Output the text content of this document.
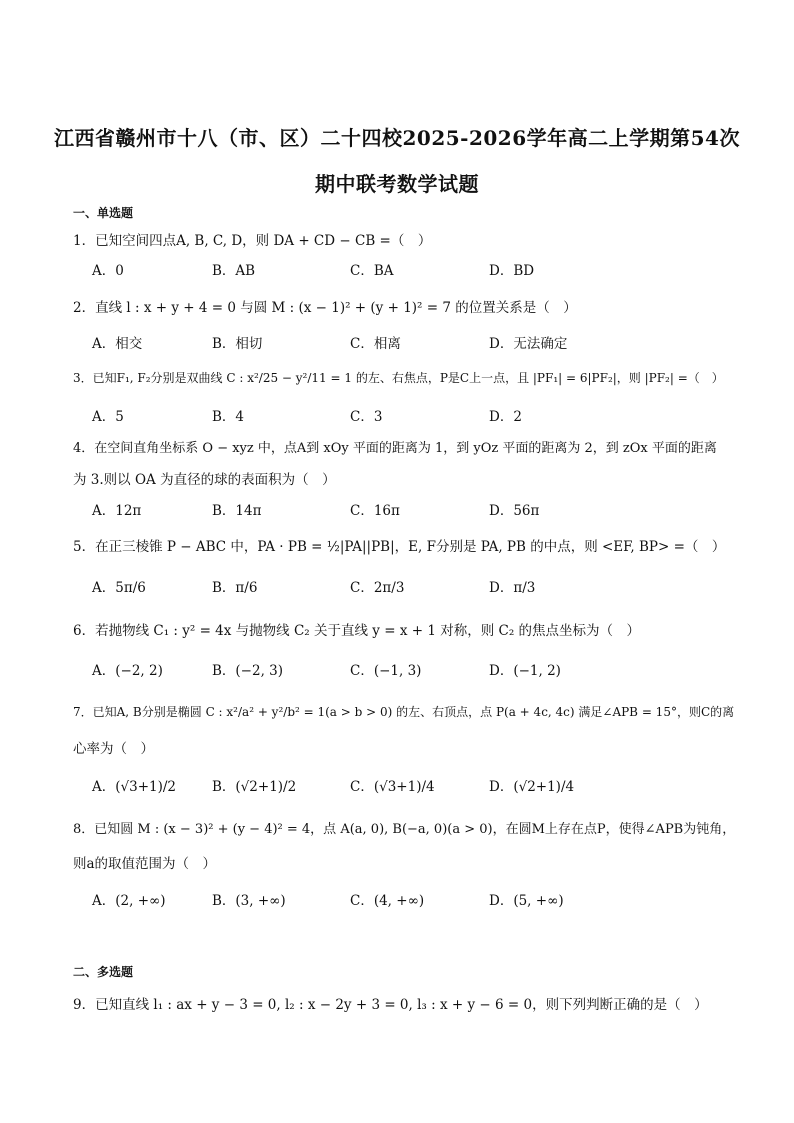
江西省赣州市十八（市、区）二十四校2025-2026学年高二上学期第54次
期中联考数学试题
一、单选题
1．已知空间四点A, B, C, D，则 DA + CD − CB =（　）
A．0	B．AB	C．BA	D．BD
2．直线 l : x + y + 4 = 0 与圆 M : (x − 1)² + (y + 1)² = 7 的位置关系是（　）
A．相交	B．相切	C．相离	D．无法确定
3．已知F₁, F₂分别是双曲线 C : x²/25 − y²/11 = 1 的左、右焦点，P是C上一点，且 |PF₁| = 6|PF₂|，则 |PF₂| =（　）
A．5	B．4	C．3	D．2
4．在空间直角坐标系 O − xyz 中，点A到 xOy 平面的距离为 1，到 yOz 平面的距离为 2，到 zOx 平面的距离
为 3.则以 OA 为直径的球的表面积为（　）
A．12π	B．14π	C．16π	D．56π
5．在正三棱锥 P − ABC 中，PA · PB = ½|PA||PB|，E, F分别是 PA, PB 的中点，则 <EF, BP> =（　）
A．5π/6	B．π/6	C．2π/3	D．π/3
6．若抛物线 C₁ : y² = 4x 与抛物线 C₂ 关于直线 y = x + 1 对称，则 C₂ 的焦点坐标为（　）
A．(−2, 2)	B．(−2, 3)	C．(−1, 3)	D．(−1, 2)
7．已知A, B分别是椭圆 C : x²/a² + y²/b² = 1(a > b > 0) 的左、右顶点，点 P(a + 4c, 4c) 满足∠APB = 15°，则C的离
心率为（　）
A．(√3+1)/2	B．(√2+1)/2	C．(√3+1)/4	D．(√2+1)/4
8．已知圆 M : (x − 3)² + (y − 4)² = 4，点 A(a, 0), B(−a, 0)(a > 0)，在圆M上存在点P，使得∠APB为钝角，
则a的取值范围为（　）
A．(2, +∞)	B．(3, +∞)	C．(4, +∞)	D．(5, +∞)
二、多选题
9．已知直线 l₁ : ax + y − 3 = 0, l₂ : x − 2y + 3 = 0, l₃ : x + y − 6 = 0，则下列判断正确的是（　）
